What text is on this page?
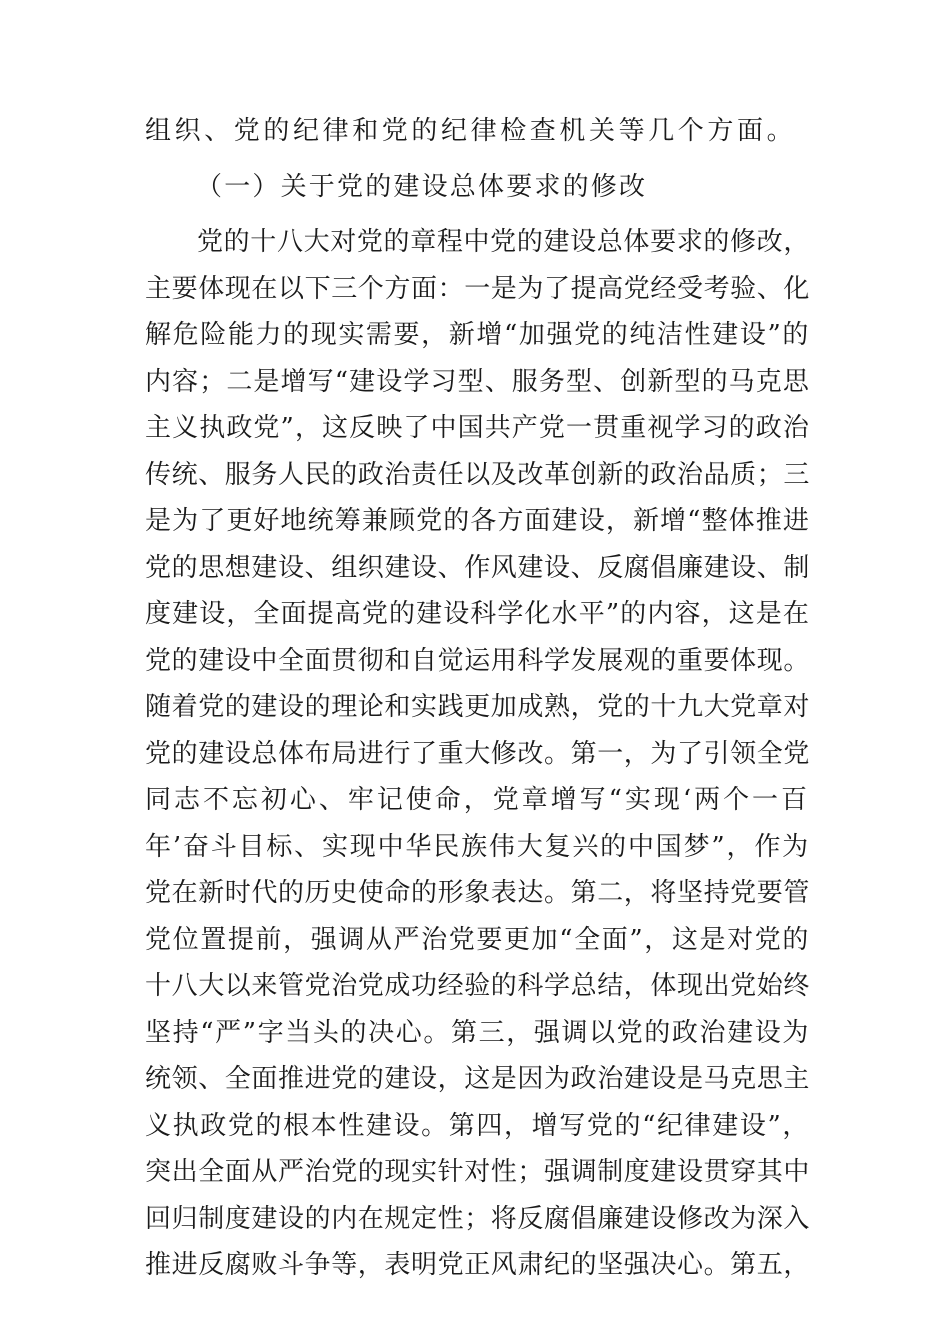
组织、党的纪律和党的纪律检查机关等几个方面。
（一）关于党的建设总体要求的修改
党的十八大对党的章程中党的建设总体要求的修改，
主要体现在以下三个方面：一是为了提高党经受考验、化
解危险能力的现实需要，新增“加强党的纯洁性建设”的
内容；二是增写“建设学习型、服务型、创新型的马克思
主义执政党”，这反映了中国共产党一贯重视学习的政治
传统、服务人民的政治责任以及改革创新的政治品质；三
是为了更好地统筹兼顾党的各方面建设，新增“整体推进
党的思想建设、组织建设、作风建设、反腐倡廉建设、制
度建设，全面提高党的建设科学化水平”的内容，这是在
党的建设中全面贯彻和自觉运用科学发展观的重要体现。
随着党的建设的理论和实践更加成熟，党的十九大党章对
党的建设总体布局进行了重大修改。第一，为了引领全党
同志不忘初心、牢记使命，党章增写“实现‘两个一百
年’奋斗目标、实现中华民族伟大复兴的中国梦”，作为
党在新时代的历史使命的形象表达。第二，将坚持党要管
党位置提前，强调从严治党要更加“全面”，这是对党的
十八大以来管党治党成功经验的科学总结，体现出党始终
坚持“严”字当头的决心。第三，强调以党的政治建设为
统领、全面推进党的建设，这是因为政治建设是马克思主
义执政党的根本性建设。第四，增写党的“纪律建设”，
突出全面从严治党的现实针对性；强调制度建设贯穿其中
回归制度建设的内在规定性；将反腐倡廉建设修改为深入
推进反腐败斗争等，表明党正风肃纪的坚强决心。第五，
